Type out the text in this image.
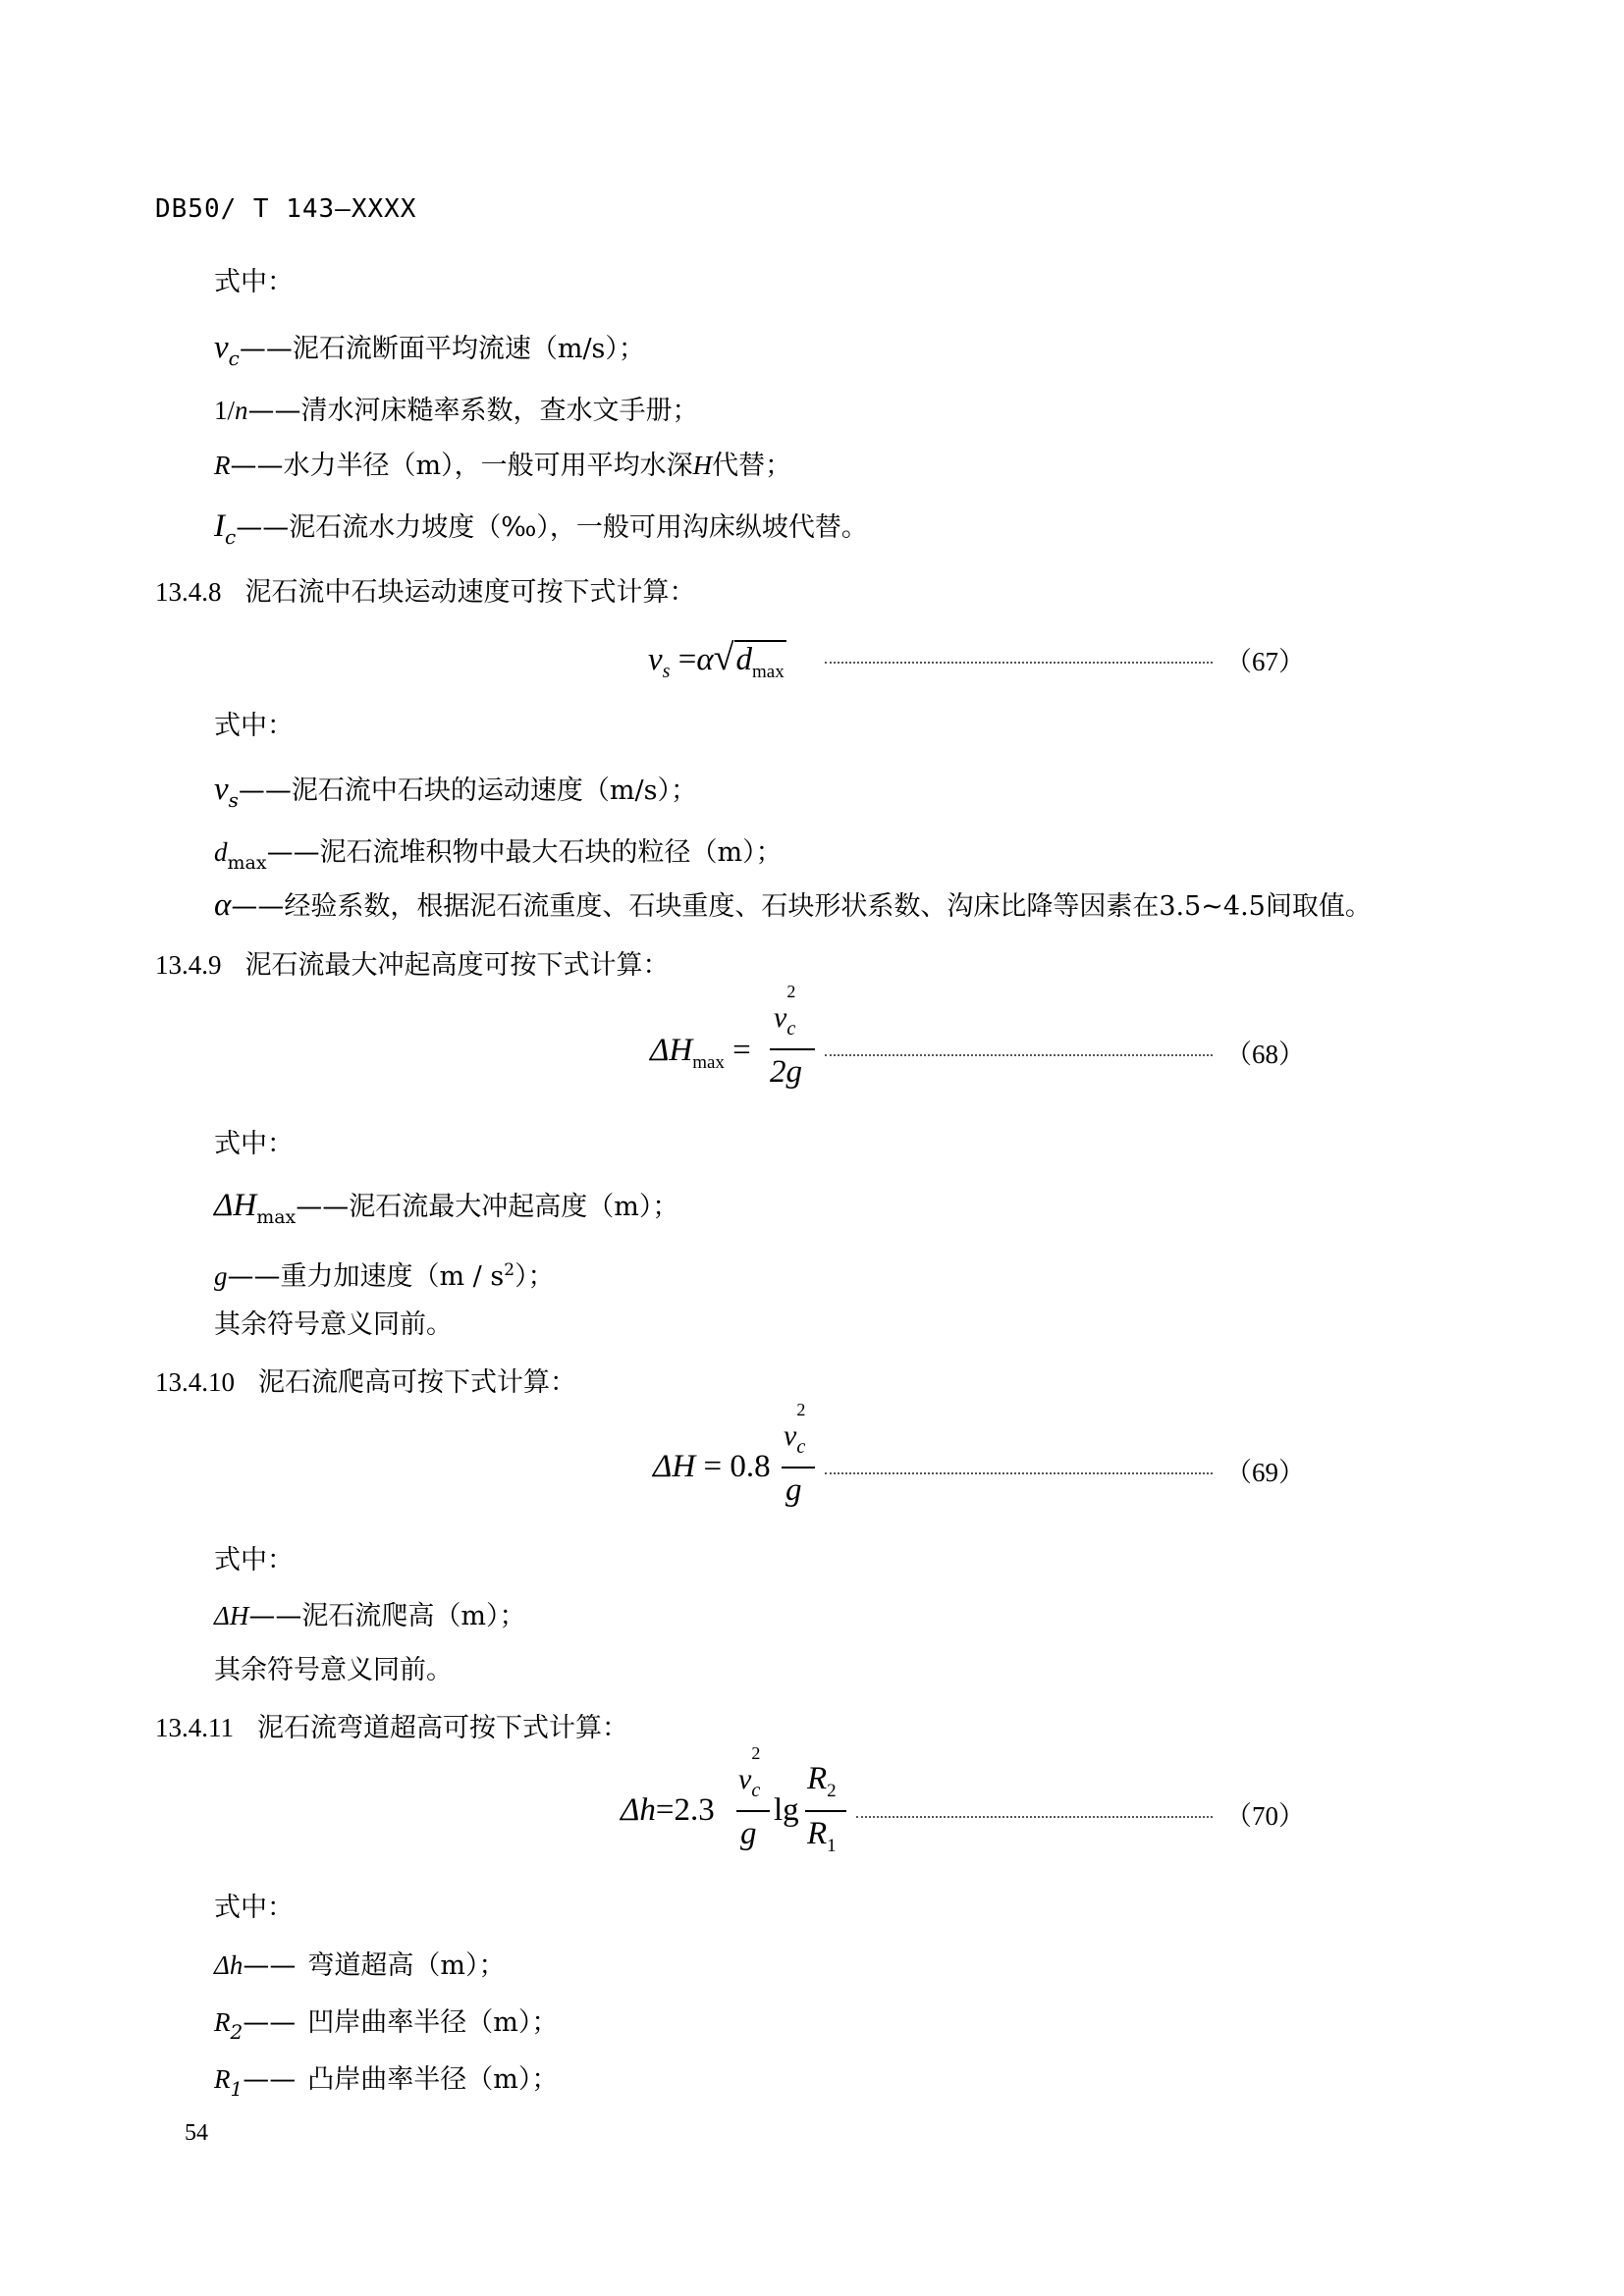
DB50/ T 143—XXXX
式中：
$v_c——$泥石流断面平均流速（m/s）；
1/n——清水河床糙率系数，查水文手册；
R——水力半径（m），一般可用平均水深H代替；
$I_c——$泥石流水力坡度（‰），一般可用沟床纵坡代替。
13.4.8 泥石流中石块运动速度可按下式计算：
$v_s =\alpha√d_{max}$	（67）
式中：
$v_s——$泥石流中石块的运动速度（m/s）；
$d_{max}——$泥石流堆积物中最大石块的粒径（m）；
α——经验系数，根据泥石流重度、石块重度、石块形状系数、沟床比降等因素在3.5~4.5间取值。
13.4.9 泥石流最大冲起高度可按下式计算：
$\Delta H_{max}$ =
v
2
$_c$
2g	（68）
式中：
$\Delta H_{max}——$泥石流最大冲起高度（m）；
g——重力加速度$(m / s^2)$；
其余符号意义同前。
13.4.10 泥石流爬高可按下式计算：
ΔH = 0.8
v
2
$_c$
g	（69）
式中：
ΔH——泥石流爬高（m）；
其余符号意义同前。
13.4.11 泥石流弯道超高可按下式计算：
Δh=2.3
v
2
$_c$
g
lg
$R_2$
$R_1$
（70）
式中：
Δh—— 弯道超高（m）；
$R_2——$ 凹岸曲率半径（m）；
$R_1——$ 凸岸曲率半径（m）；
54
